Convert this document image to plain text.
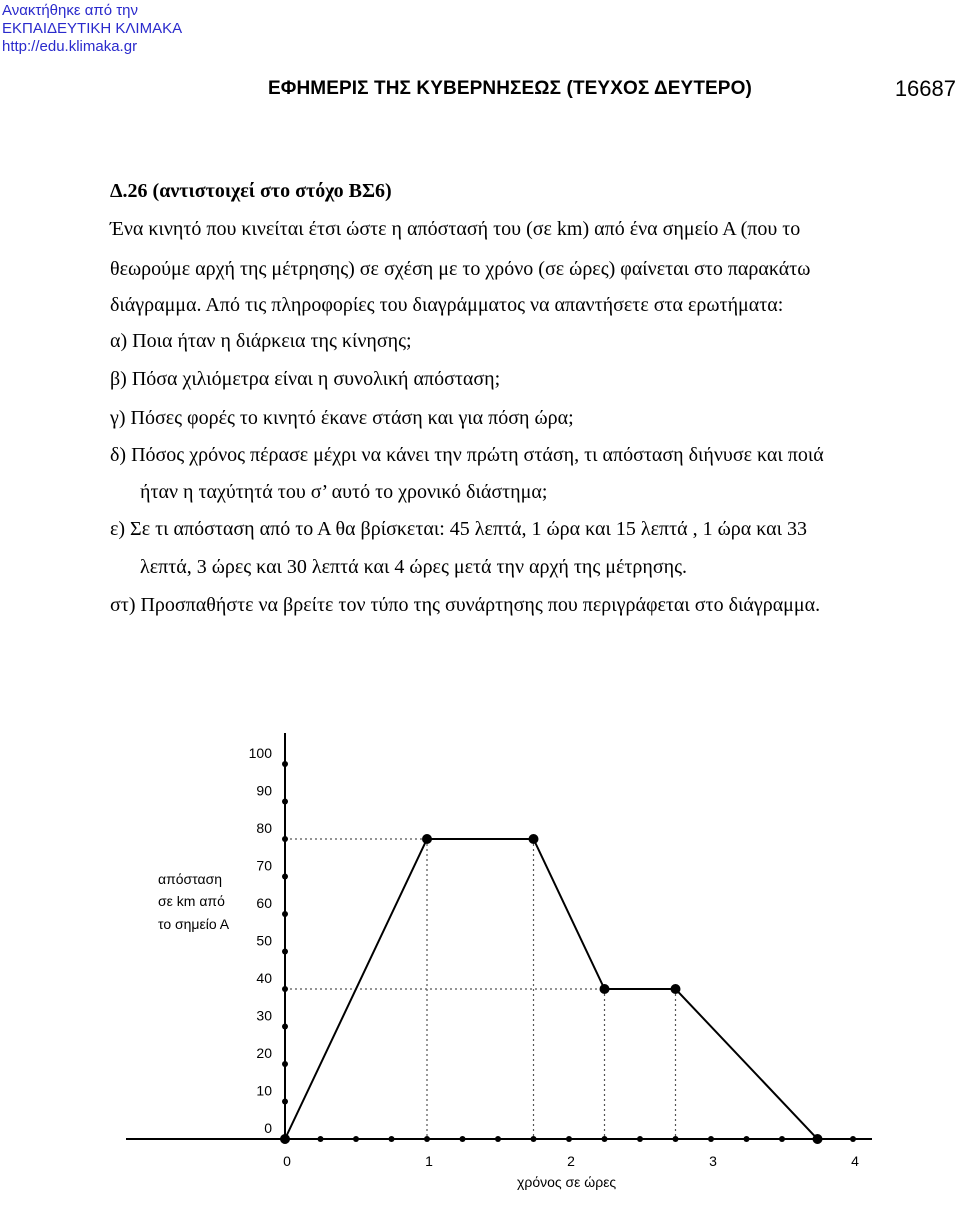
Ανακτήθηκε από την
ΕΚΠΑΙΔΕΥΤΙΚΗ ΚΛΙΜΑΚΑ
http://edu.klimaka.gr
ΕΦΗΜΕΡΙΣ ΤΗΣ ΚΥΒΕΡΝΗΣΕΩΣ (ΤΕΥΧΟΣ ΔΕΥΤΕΡΟ)	16687
Δ.26 (αντιστοιχεί στο στόχο ΒΣ6)
Ένα κινητό που κινείται έτσι ώστε η απόστασή του (σε km) από ένα σημείο Α (που το
θεωρούμε αρχή της μέτρησης) σε σχέση με το χρόνο (σε ώρες) φαίνεται στο παρακάτω
διάγραμμα. Από τις πληροφορίες του διαγράμματος να απαντήσετε στα ερωτήματα:
α) Ποια ήταν η διάρκεια της κίνησης;
β) Πόσα χιλιόμετρα είναι η συνολική απόσταση;
γ) Πόσες φορές το κινητό έκανε στάση και για πόση ώρα;
δ) Πόσος χρόνος πέρασε μέχρι να κάνει την πρώτη στάση, τι απόσταση διήνυσε και ποιά
ήταν η ταχύτητά του σ’ αυτό το χρονικό διάστημα;
ε) Σε τι απόσταση από το Α θα βρίσκεται: 45 λεπτά, 1 ώρα και 15 λεπτά , 1 ώρα και 33
λεπτά, 3 ώρες και 30 λεπτά και 4 ώρες μετά την αρχή της μέτρησης.
στ) Προσπαθήστε να βρείτε τον τύπο της συνάρτησης που περιγράφεται στο διάγραμμα.
0
10
20
30
40
50
60
70
80
90
100
0	1	2	3	4
απόσταση
σε km από
το σημείο Α
χρόνος σε ώρες
